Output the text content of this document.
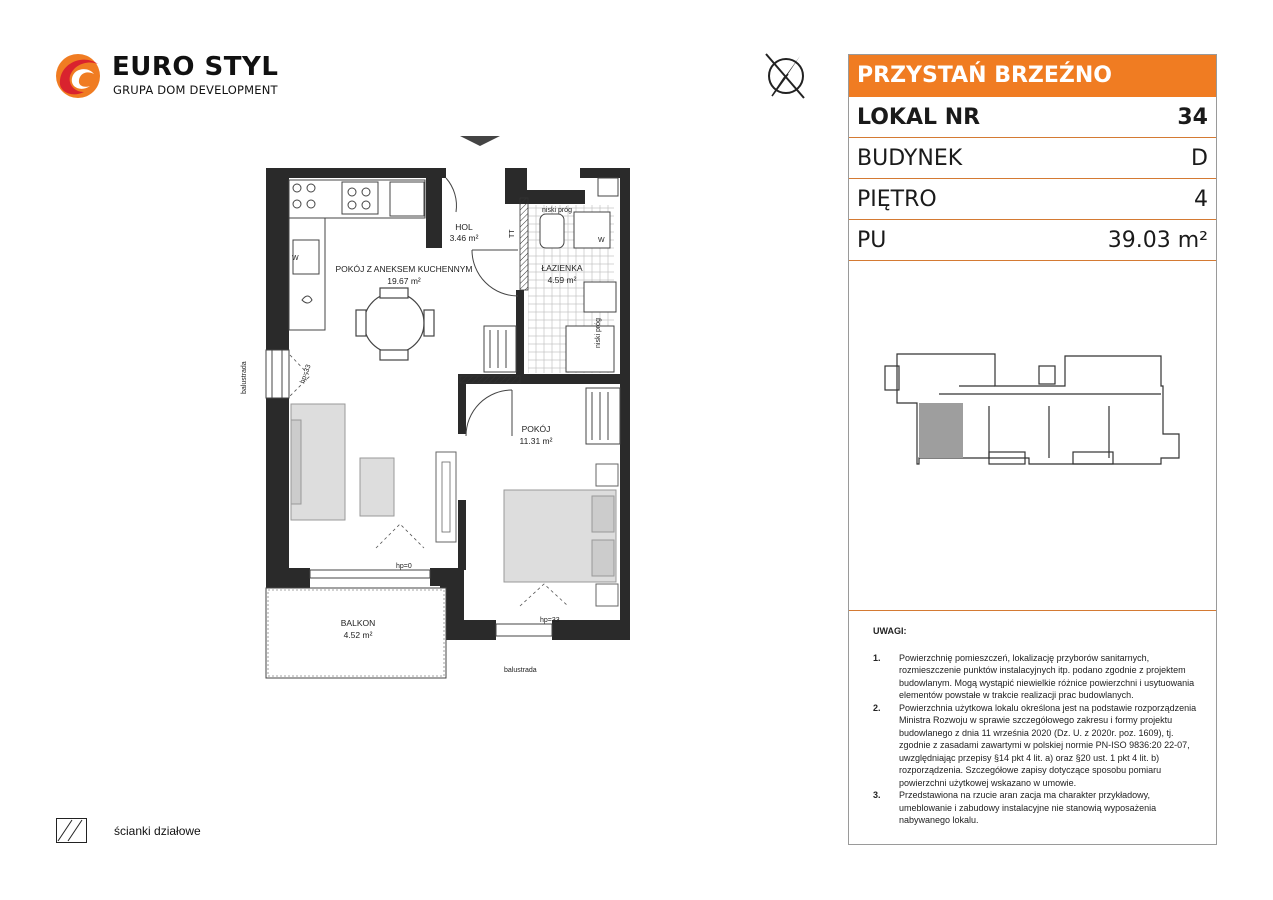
EURO STYL
GRUPA DOM DEVELOPMENT
HOL
3.46 m²
POKÓJ Z ANEKSEM KUCHENNYM
19.67 m²
ŁAZIENKA
4.59 m²
POKÓJ
11.31 m²
BALKON
4.52 m²
niski próg
niski próg
balustrada
balustrada
hp=33
hp=0
hp=33
W
W
TT
ścianki działowe
PRZYSTAŃ BRZEŹNO
LOKAL NR	34
BUDYNEK	D
PIĘTRO	4
PU	39.03 m²
UWAGI:
1.	Powierzchnię pomieszczeń, lokalizację przyborów sanitarnych, rozmieszczenie punktów instalacyjnych itp. podano zgodnie z projektem budowlanym. Mogą wystąpić niewielkie różnice powierzchni i usytuowania elementów powstałe w trakcie realizacji prac budowlanych.
2.	Powierzchnia użytkowa lokalu określona jest na podstawie rozporządzenia Ministra Rozwoju w sprawie szczegółowego zakresu i formy projektu budowlanego z dnia 11 września 2020 (Dz. U. z 2020r. poz. 1609), tj. zgodnie z zasadami zawartymi w polskiej normie PN-ISO 9836:20 22-07, uwzględniając przepisy §14 pkt 4 lit. a) oraz §20 ust. 1 pkt 4 lit. b) rozporządzenia. Szczegółowe zapisy dotyczące sposobu pomiaru powierzchni użytkowej wskazano w umowie.
3.	Przedstawiona na rzucie aran zacja ma charakter przykładowy, umeblowanie i zabudowy instalacyjne nie stanowią wyposażenia nabywanego lokalu.
